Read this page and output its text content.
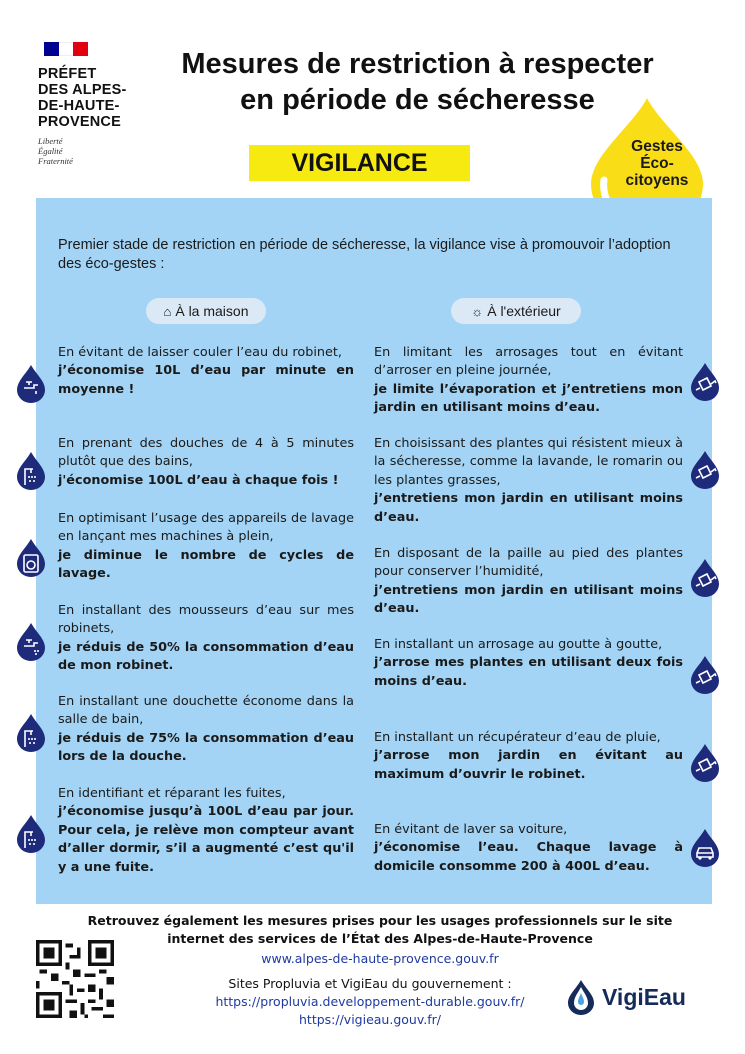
PRÉFET
DES ALPES-
DE-HAUTE-
PROVENCE
Liberté
Égalité
Fraternité
Mesures de restriction à respecter
en période de sécheresse
VIGILANCE
Gestes
Éco-
citoyens
Premier stade de restriction en période de sécheresse, la vigilance vise à promouvoir l’adoption des éco-gestes :
⌂ À la maison	☼ À l'extérieur
En évitant de laisser couler l’eau du robinet,
j’économise 10L d’eau par minute en moyenne !
En prenant des douches de 4 à 5 minutes plutôt que des bains,
j'économise 100L d’eau à chaque fois !
En optimisant l’usage des appareils de lavage en lançant mes machines à plein,
je diminue le nombre de cycles de lavage.
En installant des mousseurs d’eau sur mes robinets,
je réduis de 50% la consommation d’eau de mon robinet.
En installant une douchette économe dans la salle de bain,
je réduis de 75% la consommation d’eau lors de la douche.
En identifiant et réparant les fuites,
j’économise jusqu’à 100L d’eau par jour. Pour cela, je relève mon compteur avant d’aller dormir, s’il a augmenté c’est qu'il y a une fuite.
En limitant les arrosages tout en évitant d’arroser en pleine journée,
je limite l’évaporation et j’entretiens mon jardin en utilisant moins d’eau.
En choisissant des plantes qui résistent mieux à la sécheresse, comme la lavande, le romarin ou les plantes grasses,
j’entretiens mon jardin en utilisant moins d’eau.
En disposant de la paille au pied des plantes pour conserver l’humidité,
j’entretiens mon jardin en utilisant moins d’eau.
En installant un arrosage au goutte à goutte,
j’arrose mes plantes en utilisant deux fois moins d’eau.
En installant un récupérateur d’eau de pluie,
j’arrose mon jardin en évitant au maximum d’ouvrir le robinet.
En évitant de laver sa voiture,
j’économise l’eau. Chaque lavage à domicile consomme 200 à 400L d’eau.
Retrouvez également les mesures prises pour les usages professionnels sur le site
internet des services de l’État des Alpes-de-Haute-Provence
www.alpes-de-haute-provence.gouv.fr
Sites Propluvia et VigiEau du gouvernement :
https://propluvia.developpement-durable.gouv.fr/
https://vigieau.gouv.fr/
VigiEau
